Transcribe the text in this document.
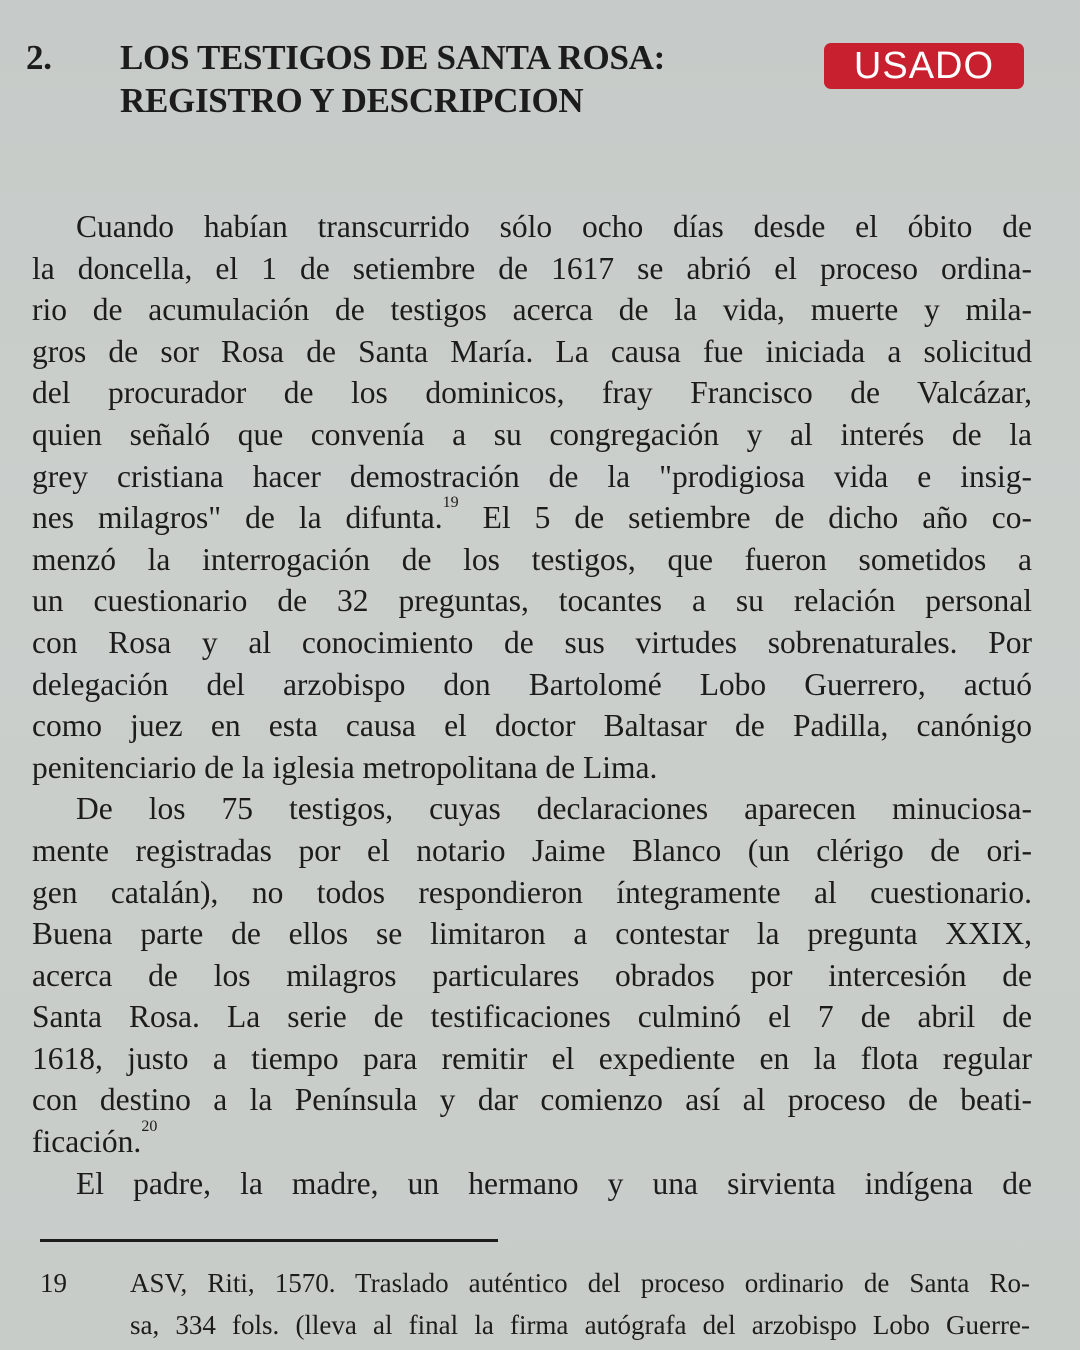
2. LOS TESTIGOS DE SANTA ROSA:
REGISTRO Y DESCRIPCION
USADO
Cuando habían transcurrido sólo ocho días desde el óbito de
la doncella, el 1 de setiembre de 1617 se abrió el proceso ordina-
rio de acumulación de testigos acerca de la vida, muerte y mila-
gros de sor Rosa de Santa María. La causa fue iniciada a solicitud
del procurador de los dominicos, fray Francisco de Valcázar,
quien señaló que convenía a su congregación y al interés de la
grey cristiana hacer demostración de la "prodigiosa vida e insig-
nes milagros" de la difunta.$^{19}$ El 5 de setiembre de dicho año co-
menzó la interrogación de los testigos, que fueron sometidos a
un cuestionario de 32 preguntas, tocantes a su relación personal
con Rosa y al conocimiento de sus virtudes sobrenaturales. Por
delegación del arzobispo don Bartolomé Lobo Guerrero, actuó
como juez en esta causa el doctor Baltasar de Padilla, canónigo
penitenciario de la iglesia metropolitana de Lima.
De los 75 testigos, cuyas declaraciones aparecen minuciosa-
mente registradas por el notario Jaime Blanco (un clérigo de ori-
gen catalán), no todos respondieron íntegramente al cuestionario.
Buena parte de ellos se limitaron a contestar la pregunta XXIX,
acerca de los milagros particulares obrados por intercesión de
Santa Rosa. La serie de testificaciones culminó el 7 de abril de
1618, justo a tiempo para remitir el expediente en la flota regular
con destino a la Península y dar comienzo así al proceso de beati-
ficación.$^{20}$
El padre, la madre, un hermano y una sirvienta indígena de
19 ASV, Riti, 1570. Traslado auténtico del proceso ordinario de Santa Ro-
sa, 334 fols. (lleva al final la firma autógrafa del arzobispo Lobo Guerre-
